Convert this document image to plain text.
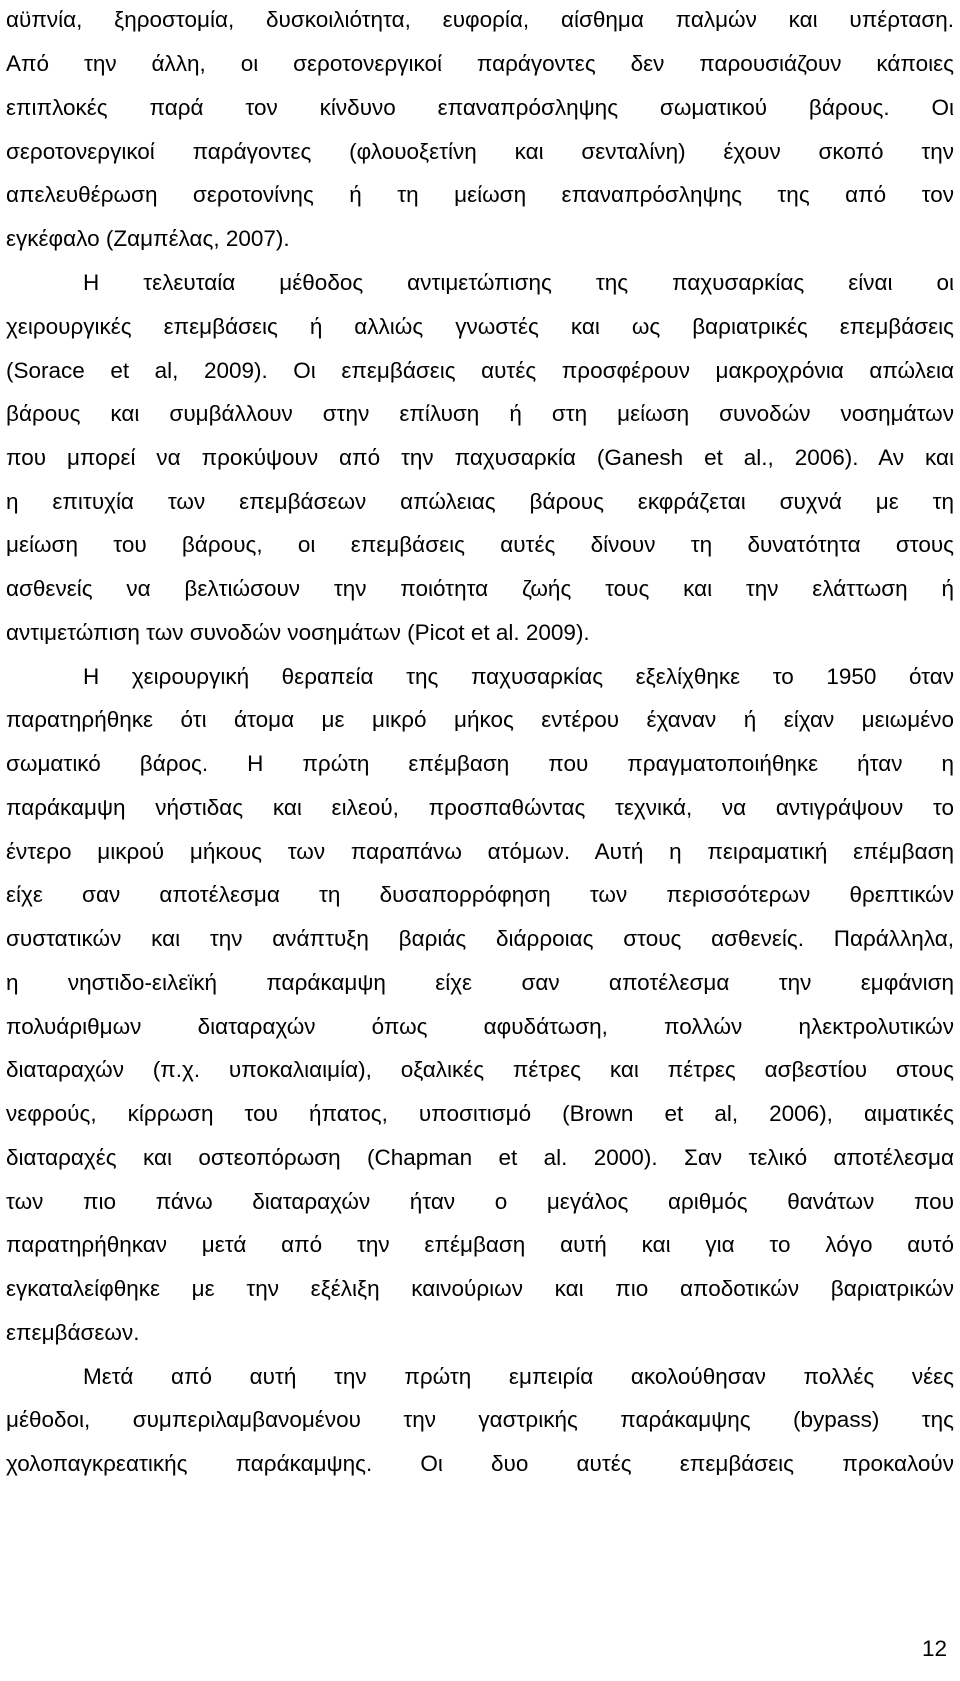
αϋπνία, ξηροστομία, δυσκοιλιότητα, ευφορία, αίσθημα παλμών και υπέρταση.
Από την άλλη, οι σεροτονεργικοί παράγοντες δεν παρουσιάζουν κάποιες
επιπλοκές παρά τον κίνδυνο επαναπρόσληψης σωματικού βάρους. Οι
σεροτονεργικοί παράγοντες (φλουοξετίνη και σενταλίνη) έχουν σκοπό την
απελευθέρωση σεροτονίνης ή τη μείωση επαναπρόσληψης της από τον
εγκέφαλο (Ζαμπέλας, 2007).
Η τελευταία μέθοδος αντιμετώπισης της παχυσαρκίας είναι οι
χειρουργικές επεμβάσεις ή αλλιώς γνωστές και ως βαριατρικές επεμβάσεις
(Sorace et al, 2009). Οι επεμβάσεις αυτές προσφέρουν μακροχρόνια απώλεια
βάρους και συμβάλλουν στην επίλυση ή στη μείωση συνοδών νοσημάτων
που μπορεί να προκύψουν από την παχυσαρκία (Ganesh et al., 2006). Αν και
η επιτυχία των επεμβάσεων απώλειας βάρους εκφράζεται συχνά με τη
μείωση του βάρους, οι επεμβάσεις αυτές δίνουν τη δυνατότητα στους
ασθενείς να βελτιώσουν την ποιότητα ζωής τους και την ελάττωση ή
αντιμετώπιση των συνοδών νοσημάτων (Picot et al. 2009).
Η χειρουργική θεραπεία της παχυσαρκίας εξελίχθηκε το 1950 όταν
παρατηρήθηκε ότι άτομα με μικρό μήκος εντέρου έχαναν ή είχαν μειωμένο
σωματικό βάρος. Η πρώτη επέμβαση που πραγματοποιήθηκε ήταν η
παράκαμψη νήστιδας και ειλεού, προσπαθώντας τεχνικά, να αντιγράψουν το
έντερο μικρού μήκους των παραπάνω ατόμων. Αυτή η πειραματική επέμβαση
είχε σαν αποτέλεσμα τη δυσαπορρόφηση των περισσότερων θρεπτικών
συστατικών και την ανάπτυξη βαριάς διάρροιας στους ασθενείς. Παράλληλα,
η νηστιδο-ειλεϊκή παράκαμψη είχε σαν αποτέλεσμα την εμφάνιση
πολυάριθμων διαταραχών όπως αφυδάτωση, πολλών ηλεκτρολυτικών
διαταραχών (π.χ. υποκαλιαιμία), οξαλικές πέτρες και πέτρες ασβεστίου στους
νεφρούς, κίρρωση του ήπατος, υποσιτισμό (Brown et al, 2006), αιματικές
διαταραχές και οστεοπόρωση (Chapman et al. 2000). Σαν τελικό αποτέλεσμα
των πιο πάνω διαταραχών ήταν ο μεγάλος αριθμός θανάτων που
παρατηρήθηκαν μετά από την επέμβαση αυτή και για το λόγο αυτό
εγκαταλείφθηκε με την εξέλιξη καινούριων και πιο αποδοτικών βαριατρικών
επεμβάσεων.
Μετά από αυτή την πρώτη εμπειρία ακολούθησαν πολλές νέες
μέθοδοι, συμπεριλαμβανομένου την γαστρικής παράκαμψης (bypass) της
χολοπαγκρεατικής παράκαμψης. Οι δυο αυτές επεμβάσεις προκαλούν
12
